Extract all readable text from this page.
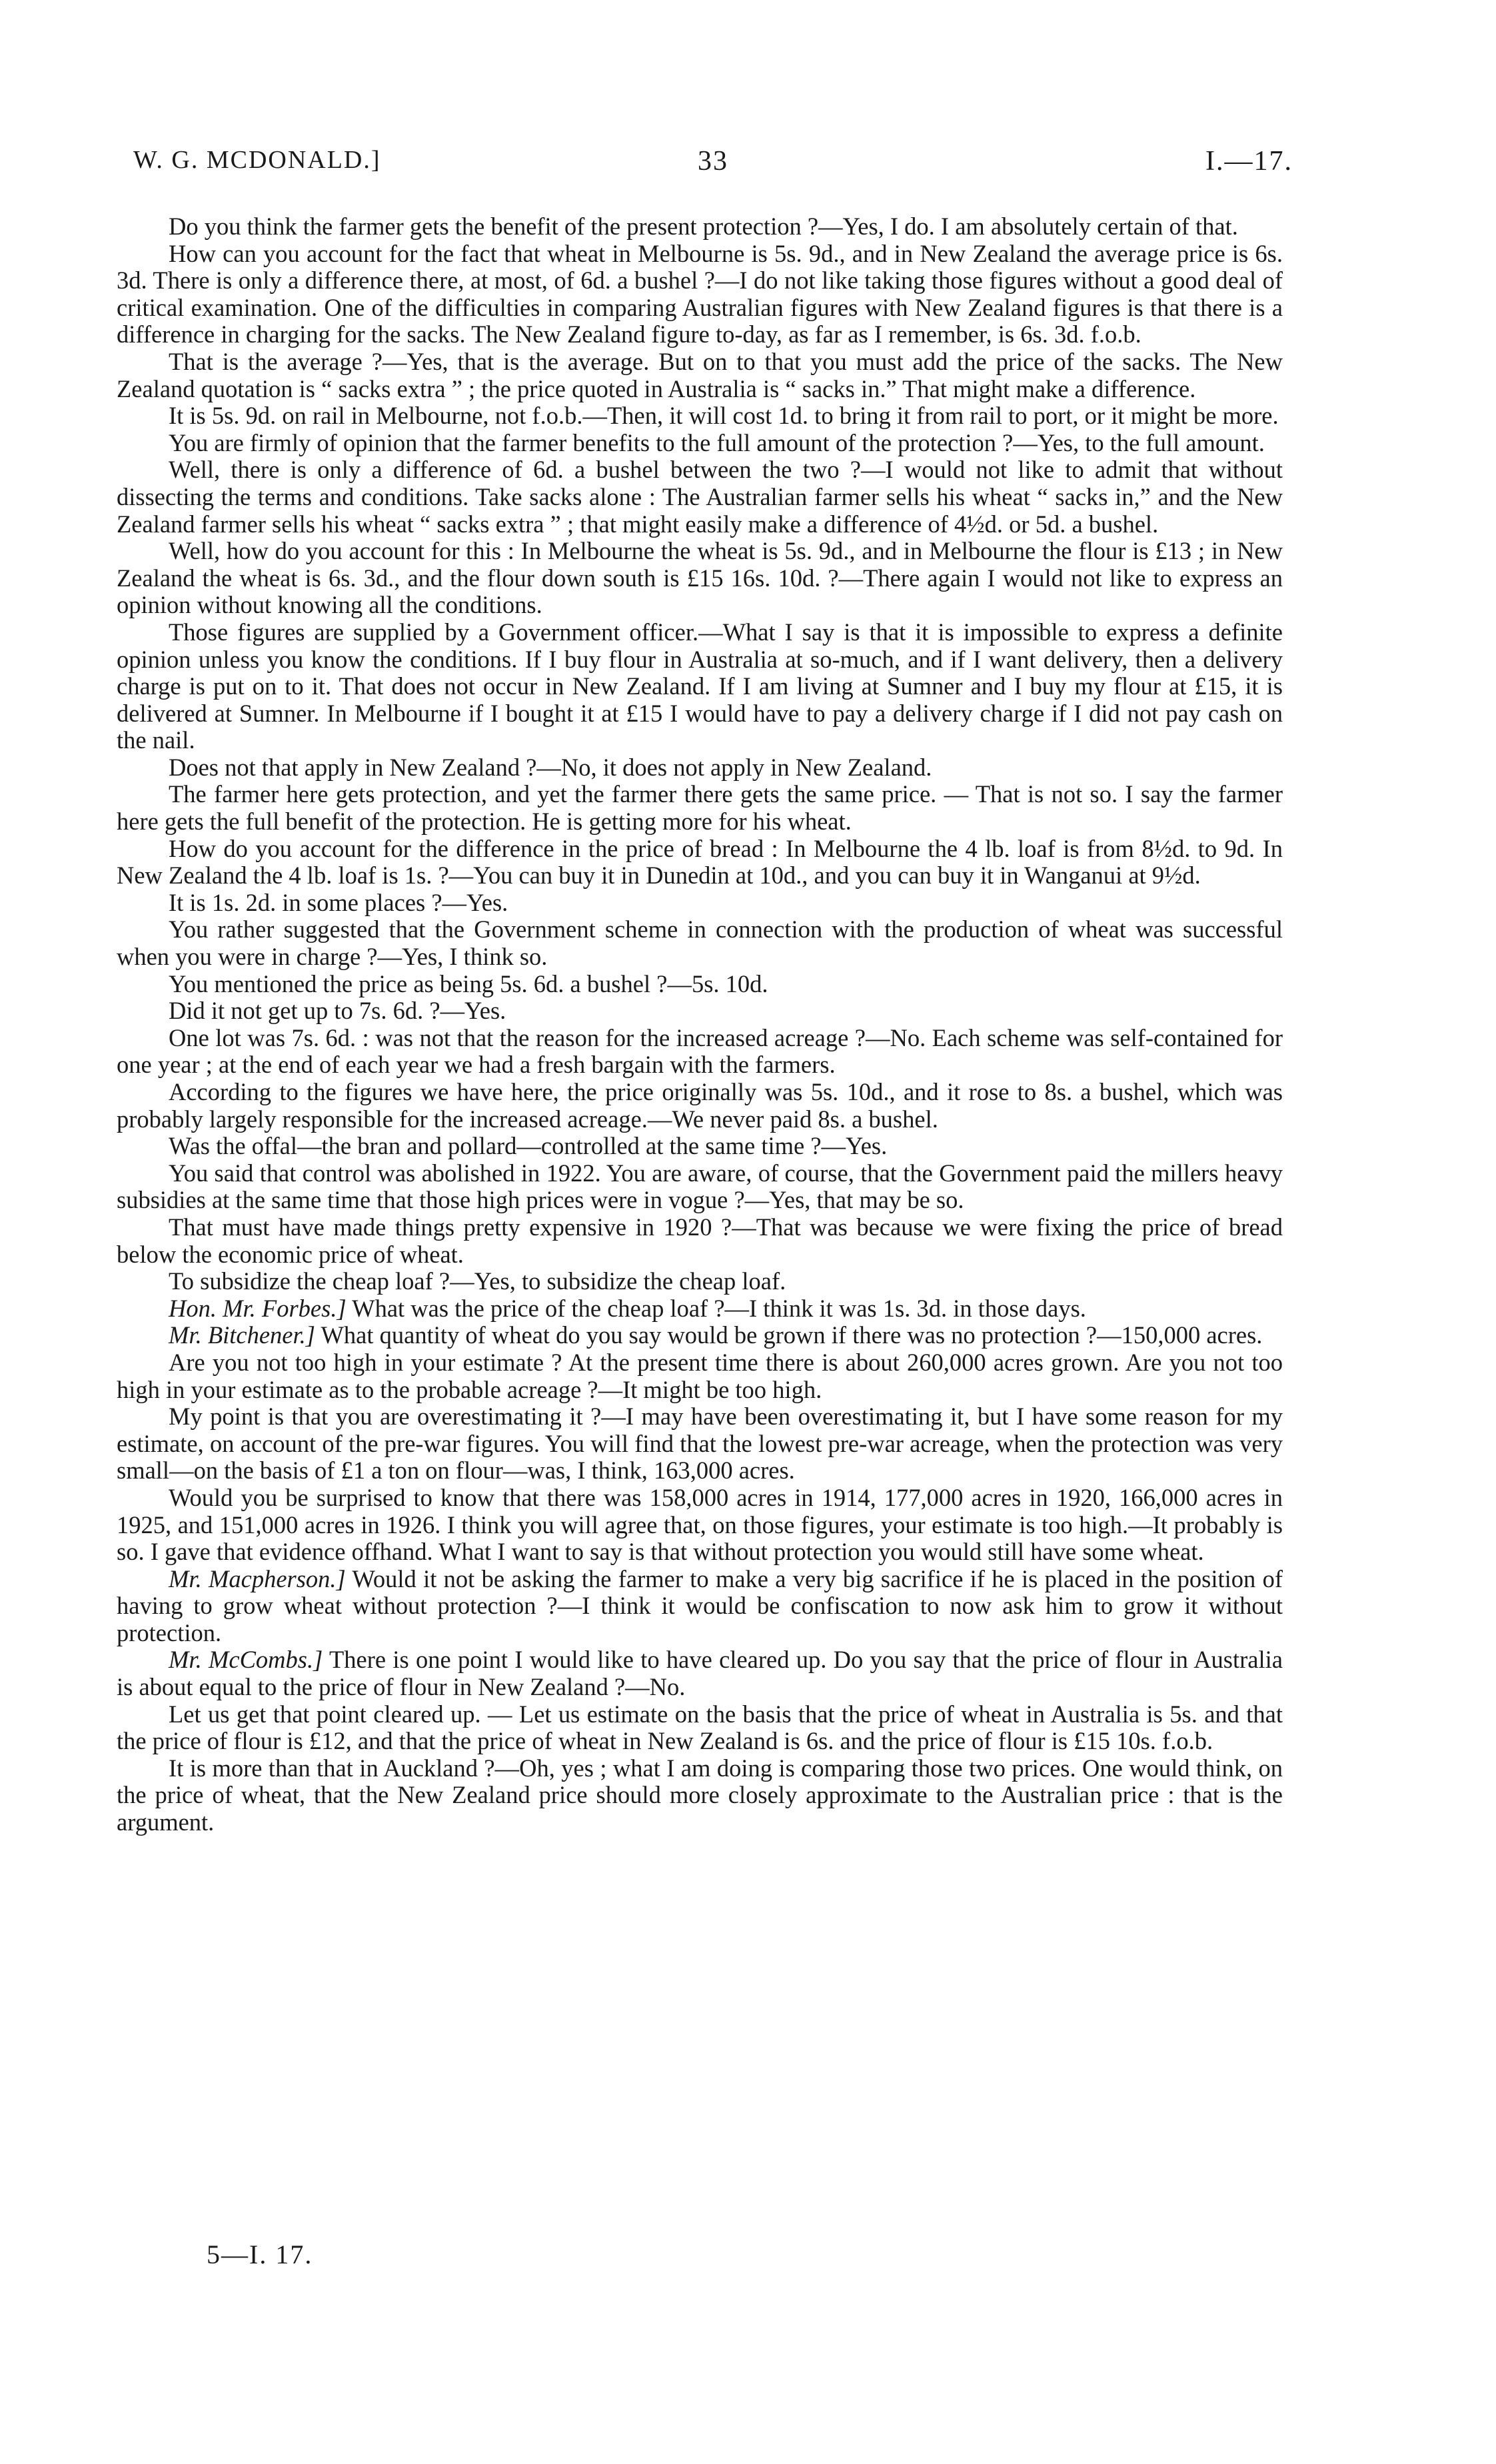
W. G. MCDONALD.]	33	I.—17.

Do you think the farmer gets the benefit of the present protection ?—Yes, I do. I am absolutely certain of that.

How can you account for the fact that wheat in Melbourne is 5s. 9d., and in New Zealand the average price is 6s. 3d. There is only a difference there, at most, of 6d. a bushel ?—I do not like taking those figures without a good deal of critical examination. One of the difficulties in comparing Australian figures with New Zealand figures is that there is a difference in charging for the sacks. The New Zealand figure to-day, as far as I remember, is 6s. 3d. f.o.b.

That is the average ?—Yes, that is the average. But on to that you must add the price of the sacks. The New Zealand quotation is “ sacks extra ” ; the price quoted in Australia is “ sacks in.” That might make a difference.

It is 5s. 9d. on rail in Melbourne, not f.o.b.—Then, it will cost 1d. to bring it from rail to port, or it might be more.

You are firmly of opinion that the farmer benefits to the full amount of the protection ?—Yes, to the full amount.

Well, there is only a difference of 6d. a bushel between the two ?—I would not like to admit that without dissecting the terms and conditions. Take sacks alone : The Australian farmer sells his wheat “ sacks in,” and the New Zealand farmer sells his wheat “ sacks extra ” ; that might easily make a difference of 4½d. or 5d. a bushel.

Well, how do you account for this : In Melbourne the wheat is 5s. 9d., and in Melbourne the flour is £13 ; in New Zealand the wheat is 6s. 3d., and the flour down south is £15 16s. 10d. ?—There again I would not like to express an opinion without knowing all the conditions.

Those figures are supplied by a Government officer.—What I say is that it is impossible to express a definite opinion unless you know the conditions. If I buy flour in Australia at so-much, and if I want delivery, then a delivery charge is put on to it. That does not occur in New Zealand. If I am living at Sumner and I buy my flour at £15, it is delivered at Sumner. In Melbourne if I bought it at £15 I would have to pay a delivery charge if I did not pay cash on the nail.

Does not that apply in New Zealand ?—No, it does not apply in New Zealand.

The farmer here gets protection, and yet the farmer there gets the same price. — That is not so. I say the farmer here gets the full benefit of the protection. He is getting more for his wheat.

How do you account for the difference in the price of bread : In Melbourne the 4 lb. loaf is from 8½d. to 9d. In New Zealand the 4 lb. loaf is 1s. ?—You can buy it in Dunedin at 10d., and you can buy it in Wanganui at 9½d.

It is 1s. 2d. in some places ?—Yes.

You rather suggested that the Government scheme in connection with the production of wheat was successful when you were in charge ?—Yes, I think so.

You mentioned the price as being 5s. 6d. a bushel ?—5s. 10d.

Did it not get up to 7s. 6d. ?—Yes.

One lot was 7s. 6d. : was not that the reason for the increased acreage ?—No. Each scheme was self-contained for one year ; at the end of each year we had a fresh bargain with the farmers.

According to the figures we have here, the price originally was 5s. 10d., and it rose to 8s. a bushel, which was probably largely responsible for the increased acreage.—We never paid 8s. a bushel.

Was the offal—the bran and pollard—controlled at the same time ?—Yes.

You said that control was abolished in 1922. You are aware, of course, that the Government paid the millers heavy subsidies at the same time that those high prices were in vogue ?—Yes, that may be so.

That must have made things pretty expensive in 1920 ?—That was because we were fixing the price of bread below the economic price of wheat.

To subsidize the cheap loaf ?—Yes, to subsidize the cheap loaf.

Hon. Mr. Forbes.] What was the price of the cheap loaf ?—I think it was 1s. 3d. in those days.

Mr. Bitchener.] What quantity of wheat do you say would be grown if there was no protection ?—150,000 acres.

Are you not too high in your estimate ? At the present time there is about 260,000 acres grown. Are you not too high in your estimate as to the probable acreage ?—It might be too high.

My point is that you are overestimating it ?—I may have been overestimating it, but I have some reason for my estimate, on account of the pre-war figures. You will find that the lowest pre-war acreage, when the protection was very small—on the basis of £1 a ton on flour—was, I think, 163,000 acres.

Would you be surprised to know that there was 158,000 acres in 1914, 177,000 acres in 1920, 166,000 acres in 1925, and 151,000 acres in 1926. I think you will agree that, on those figures, your estimate is too high.—It probably is so. I gave that evidence offhand. What I want to say is that without protection you would still have some wheat.

Mr. Macpherson.] Would it not be asking the farmer to make a very big sacrifice if he is placed in the position of having to grow wheat without protection ?—I think it would be confiscation to now ask him to grow it without protection.

Mr. McCombs.] There is one point I would like to have cleared up. Do you say that the price of flour in Australia is about equal to the price of flour in New Zealand ?—No.

Let us get that point cleared up. — Let us estimate on the basis that the price of wheat in Australia is 5s. and that the price of flour is £12, and that the price of wheat in New Zealand is 6s. and the price of flour is £15 10s. f.o.b.

It is more than that in Auckland ?—Oh, yes ; what I am doing is comparing those two prices. One would think, on the price of wheat, that the New Zealand price should more closely approximate to the Australian price : that is the argument.

5—I. 17.
